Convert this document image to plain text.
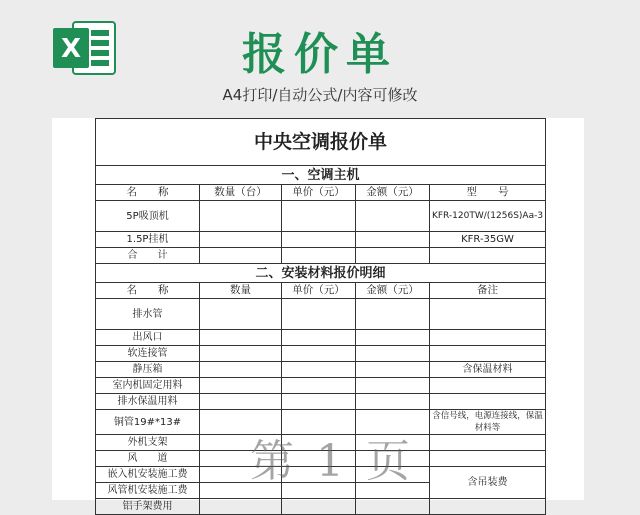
X	报价单
A4打印/自动公式/内容可修改
中央空调报价单				
一、空调主机				
名　　称	数量（台）	单价（元）	金额（元）	型　　号
5P吸顶机				KFR-120TW/(1256S)Aa-3
1.5P挂机				KFR-35GW
合　　计				
二、安装材料报价明细				
名　　称	数量	单价（元）	金额（元）	备注
排水管				
出风口				
软连接管				
静压箱				含保温材料
室内机固定用料				
排水保温用料				
铜管19#*13#				含信号线，电源连接线，保温材料等
外机支架				
风　　道				
嵌入机安装施工费				含吊装费
风管机安装施工费				
铝手架费用				
第 1 页
